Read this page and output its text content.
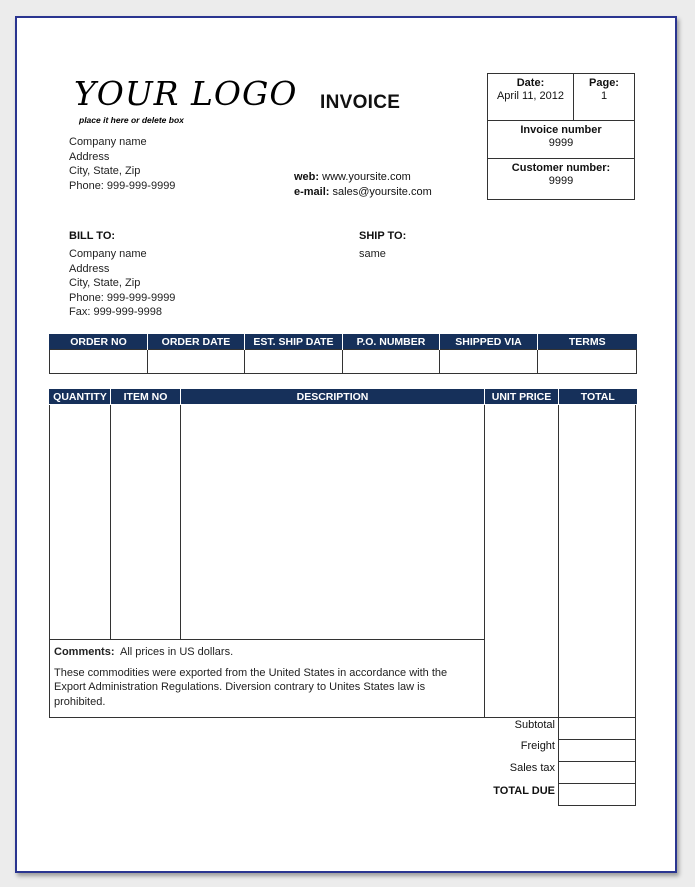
YOUR LOGO
place it here or delete box
Company name
Address
City, State, Zip
Phone: 999-999-9999
INVOICE
web: www.yoursite.com
e-mail: sales@yoursite.com
Date:
April 11, 2012
Page:
1
Invoice number
9999
Customer number:
9999
BILL TO:
Company name
Address
City, State, Zip
Phone: 999-999-9999
Fax: 999-999-9998
SHIP TO:
same
ORDER NO	ORDER DATE	EST. SHIP DATE	P.O. NUMBER	SHIPPED VIA	TERMS

QUANTITY	ITEM NO	DESCRIPTION	UNIT PRICE	TOTAL
Comments: All prices in US dollars.
These commodities were exported from the United States in accordance with the
Export Administration Regulations. Diversion contrary to Unites States law is
prohibited.
Subtotal
Freight
Sales tax
TOTAL DUE
